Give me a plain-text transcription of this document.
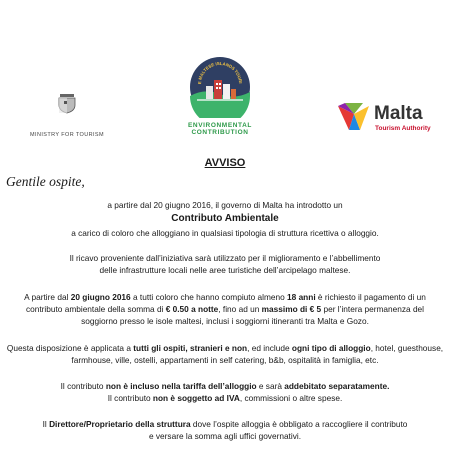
MINISTRY FOR TOURISM
E MALTESE ISLANDS TOURI
ENVIRONMENTAL
CONTRIBUTION
Malta
Tourism Authority
AVVISO
Gentile ospite,
a partire dal 20 giugno 2016, il governo di Malta ha introdotto un
Contributo Ambientale
a carico di coloro che alloggiano in qualsiasi tipologia di struttura ricettiva o alloggio.
Il ricavo proveniente dall’iniziativa sarà utilizzato per il miglioramento e l’abbellimento
delle infrastrutture locali nelle aree turistiche dell’arcipelago maltese.
A partire dal 20 giugno 2016 a tutti coloro che hanno compiuto almeno 18 anni è richiesto il pagamento di un
contributo ambientale della somma di € 0.50 a notte, fino ad un massimo di € 5 per l’intera permanenza del
soggiorno presso le isole maltesi, inclusi i soggiorni itineranti tra Malta e Gozo.
Questa disposizione è applicata a tutti gli ospiti, stranieri e non, ed include ogni tipo di alloggio, hotel, guesthouse,
farmhouse, ville, ostelli, appartamenti in self catering, b&b, ospitalità in famiglia, etc.
Il contributo non è incluso nella tariffa dell’alloggio e sarà addebitato separatamente.
Il contributo non è soggetto ad IVA, commissioni o altre spese.
Il Direttore/Proprietario della struttura dove l’ospite alloggia è obbligato a raccogliere il contributo
e versare la somma agli uffici governativi.
